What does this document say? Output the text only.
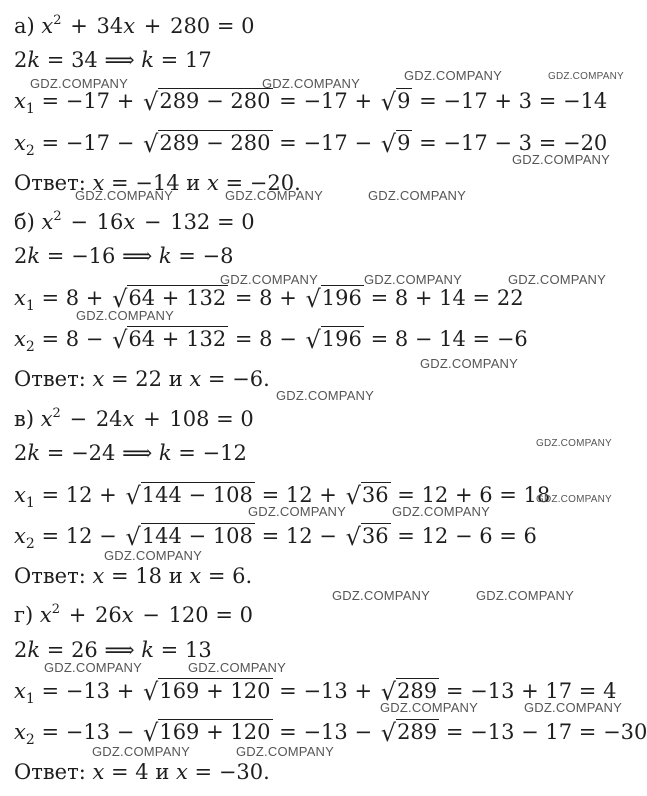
а) $x^2 + 34x + 280 = 0$
2k = 34 ⟹ k = 17
$x_1 = -17 + √289 - 280 = -17 + √9 = -17 + 3 = -14$
$x_2 = -17 - √289 - 280 = -17 - √9 = -17 - 3 = -20$
Ответ: x = −14 и x = −20.
б) $x^2 - 16x - 132 = 0$
2k = −16 ⟹ k = −8
$x_1 = 8 + √64 + 132 = 8 + √196 = 8 + 14 = 22$
$x_2 = 8 - √64 + 132 = 8 - √196 = 8 - 14 = -6$
Ответ: x = 22 и x = −6.
в) $x^2 - 24x + 108 = 0$
2k = −24 ⟹ k = −12
$x_1 = 12 + √144 - 108 = 12 + √36 = 12 + 6 = 18$
$x_2 = 12 - √144 - 108 = 12 - √36 = 12 - 6 = 6$
Ответ: x = 18 и x = 6.
г) $x^2 + 26x - 120 = 0$
2k = 26 ⟹ k = 13
$x_1 = -13 + √169 + 120 = -13 + √289 = -13 + 17 = 4$
$x_2 = -13 - √169 + 120 = -13 - √289 = -13 - 17 = -30$
Ответ: x = 4 и x = −30.
GDZ.COMPANY	GDZ.COMPANY
GDZ.COMPANY	GDZ.COMPANY
GDZ.COMPANY
GDZ.COMPANY	GDZ.COMPANY	GDZ.COMPANY
GDZ.COMPANY	GDZ.COMPANY	GDZ.COMPANY
GDZ.COMPANY
GDZ.COMPANY
GDZ.COMPANY
GDZ.COMPANY
GDZ.COMPANY
GDZ.COMPANY	GDZ.COMPANY
GDZ.COMPANY
GDZ.COMPANY	GDZ.COMPANY
GDZ.COMPANY	GDZ.COMPANY
GDZ.COMPANY	GDZ.COMPANY
GDZ.COMPANY	GDZ.COMPANY
